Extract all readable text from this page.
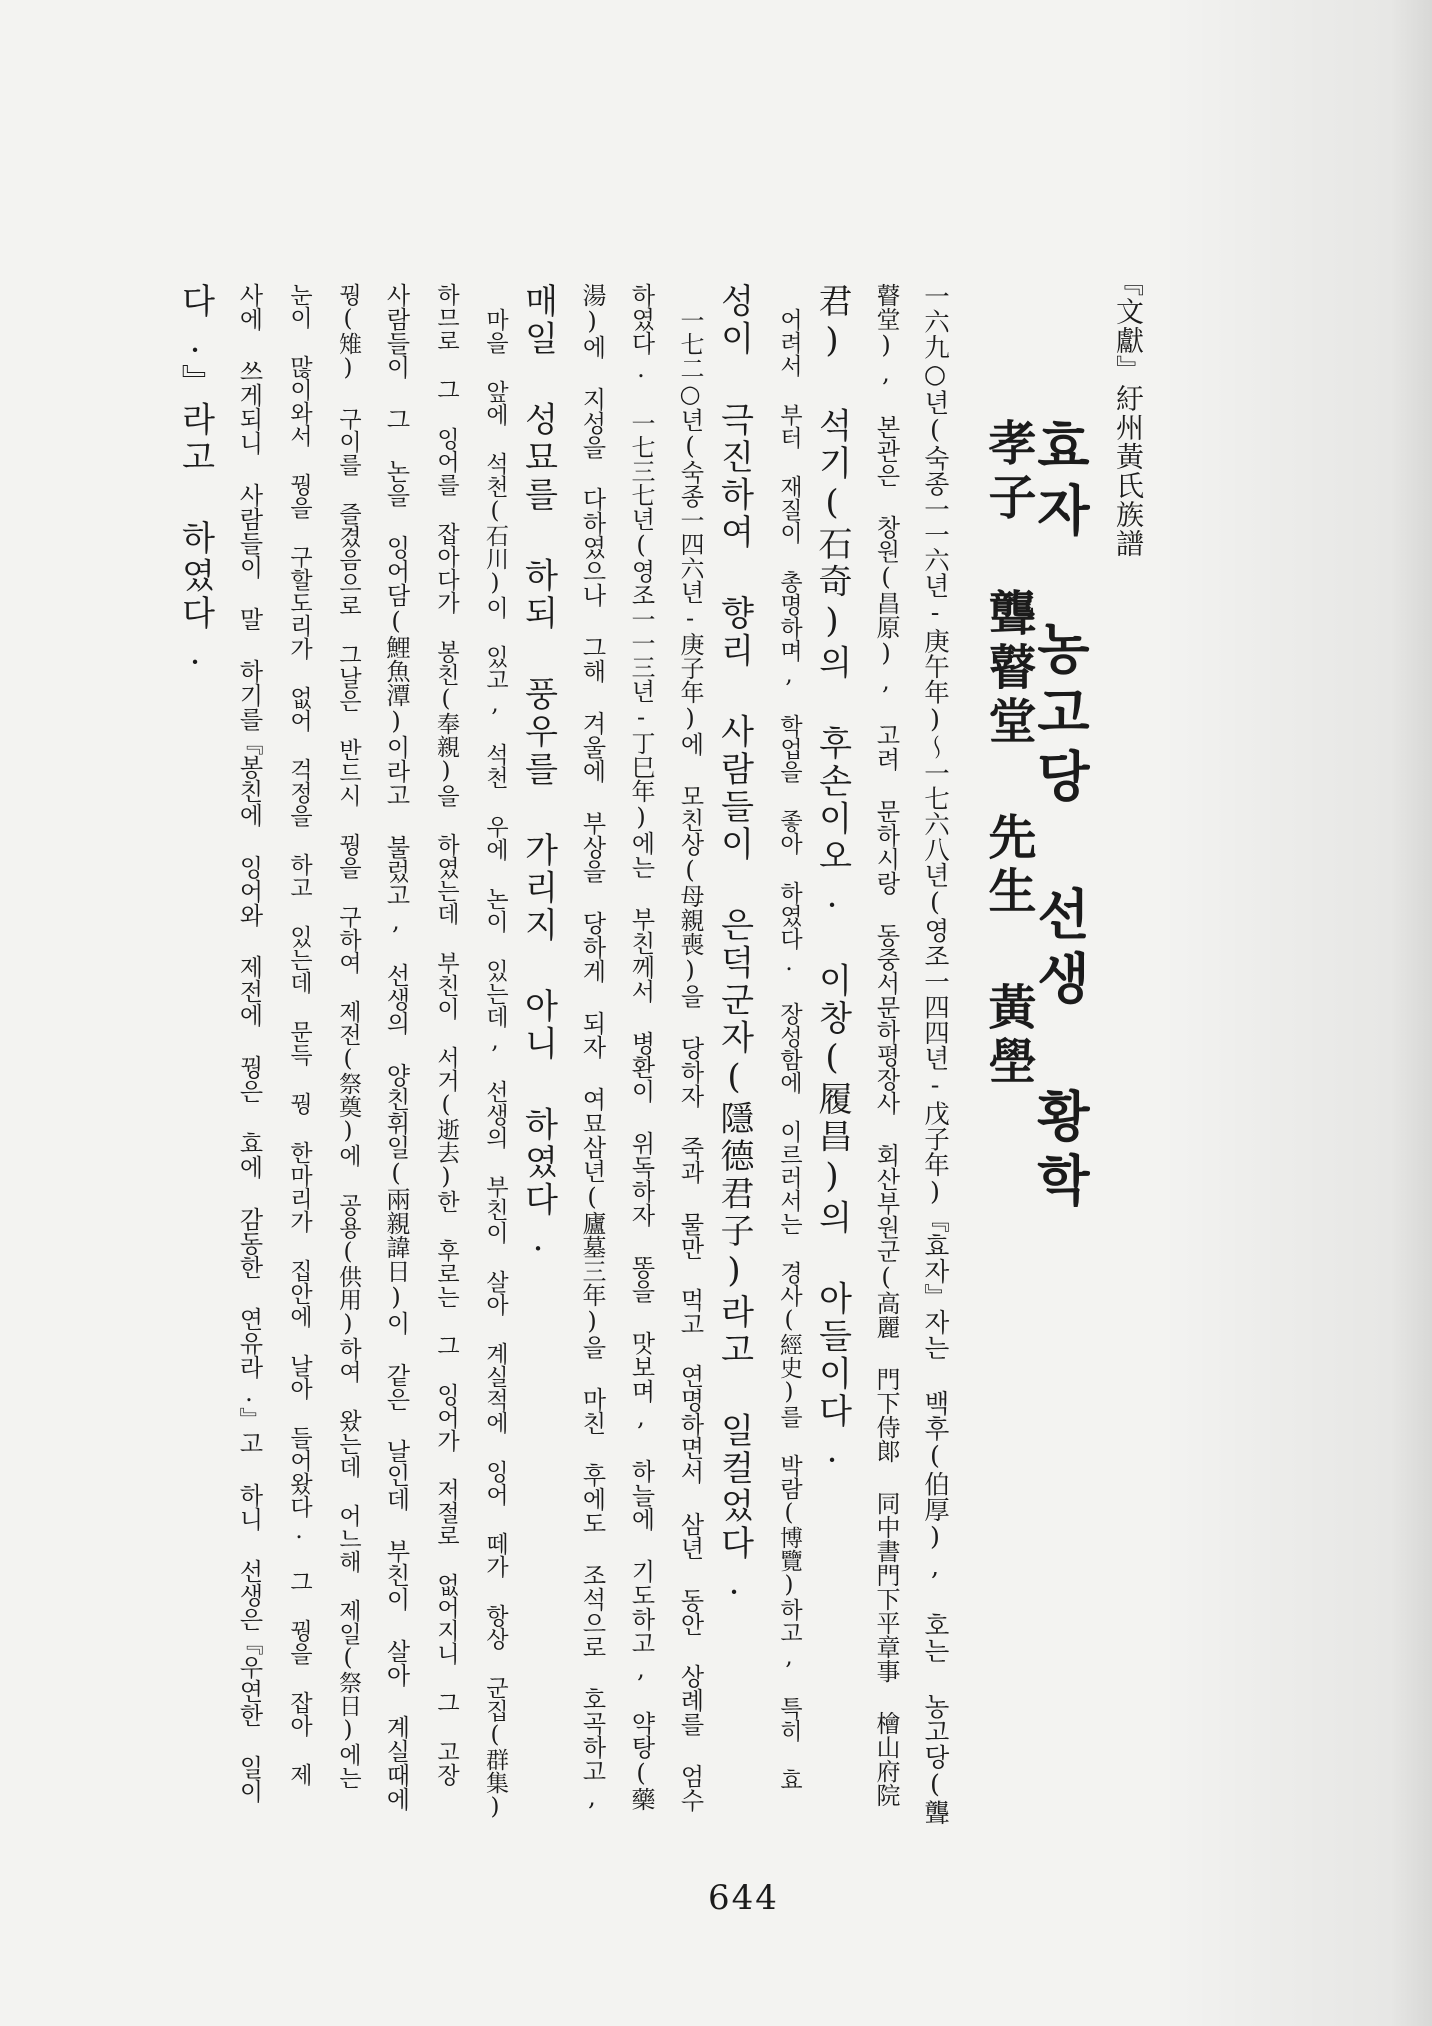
『文獻』紆州黃氏族譜
효자 농고당 선생 황학
孝子 聾瞽堂 先生 黃壆
一六九○년(숙종一一六년-庚午年)～一七六八년(영조一四四년-戊子年)『효자』자는 백후(伯厚), 호는 농고당(聾
瞽堂), 본관은 창원(昌原), 고려 문하시랑 동중서문하평장사 회산부원군(高麗 門下侍郞 同中書門下平章事 檜山府院
君) 석기(石奇)의 후손이오. 이창(履昌)의 아들이다.
어려서 부터 재질이 총명하며, 학업을 좋아 하였다. 장성함에 이르러서는 경사(經史)를 박람(博覽)하고, 특히 효
성이 극진하여 향리 사람들이 은덕군자(隱德君子)라고 일컬었다.
一七二○년(숙종一四六년-庚子年)에 모친상(母親喪)을 당하자 죽과 물만 먹고 연명하면서 삼년 동안 상례를 엄수
하였다. 一七三七년(영조一一三년-丁巳年)에는 부친께서 병환이 위독하자 똥을 맛보며, 하늘에 기도하고, 약탕(藥
湯)에 지성을 다하였으나 그해 겨울에 부상을 당하게 되자 여묘삼년(廬墓三年)을 마친 후에도 조석으로 호곡하고,
매일 성묘를 하되 풍우를 가리지 아니 하였다.
마을 앞에 석천(石川)이 있고, 석천 우에 논이 있는데, 선생의 부친이 살아 계실적에 잉어 떼가 항상 군집(群集)
하므로 그 잉어를 잡아다가 봉친(奉親)을 하였는데 부친이 서거(逝去)한 후로는 그 잉어가 저절로 없어지니 그 고장
사람들이 그 논을 잉어담(鯉魚潭)이라고 불렀고, 선생의 양친휘일(兩親諱日)이 같은 날인데 부친이 살아 계실때에
꿩(雉) 구이를 즐겼음으로 그날은 반드시 꿩을 구하여 제전(祭奠)에 공용(供用)하여 왔는데 어느해 제일(祭日)에는
눈이 많이와서 꿩을 구할도리가 없어 걱정을 하고 있는데 문득 꿩 한마리가 집안에 날아 들어왔다. 그 꿩을 잡아 제
사에 쓰게되니 사람들이 말 하기를『봉친에 잉어와 제전에 꿩은 효에 감동한 연유라.』고 하니 선생은『우연한 일이
다.』라고 하였다.
644
